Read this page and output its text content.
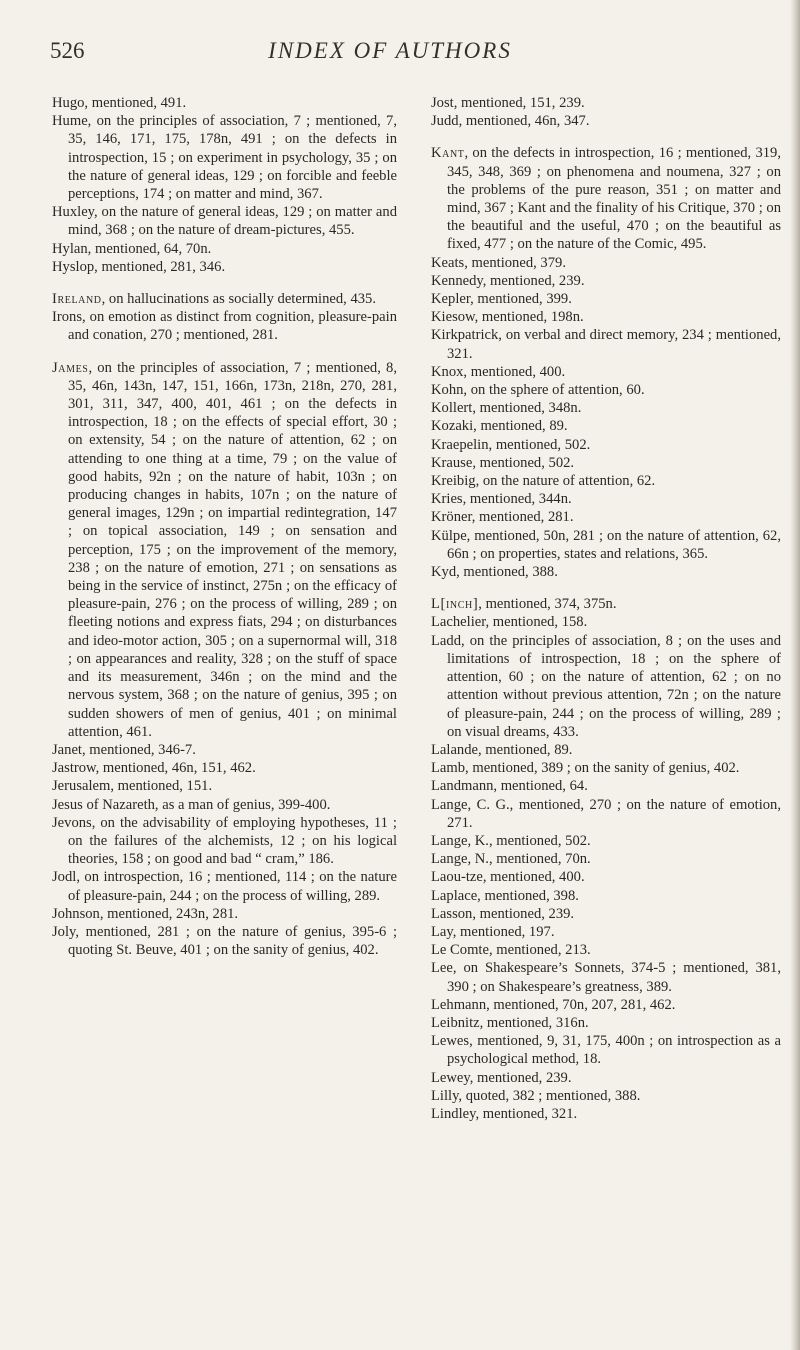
526	INDEX OF AUTHORS

Hugo, mentioned, 491.

Hume, on the principles of association, 7 ; mentioned, 7, 35, 146, 171, 175, 178n, 491 ; on the defects in introspection, 15 ; on experiment in psychology, 35 ; on the nature of general ideas, 129 ; on forcible and feeble perceptions, 174 ; on matter and mind, 367.

Huxley, on the nature of general ideas, 129 ; on matter and mind, 368 ; on the nature of dream-pictures, 455.

Hylan, mentioned, 64, 70n.

Hyslop, mentioned, 281, 346.

Ireland, on hallucinations as socially determined, 435.

Irons, on emotion as distinct from cognition, pleasure-pain and conation, 270 ; mentioned, 281.

James, on the principles of association, 7 ; mentioned, 8, 35, 46n, 143n, 147, 151, 166n, 173n, 218n, 270, 281, 301, 311, 347, 400, 401, 461 ; on the defects in introspection, 18 ; on the effects of special effort, 30 ; on extensity, 54 ; on the nature of attention, 62 ; on attending to one thing at a time, 79 ; on the value of good habits, 92n ; on the nature of habit, 103n ; on producing changes in habits, 107n ; on the nature of general images, 129n ; on impartial redintegration, 147 ; on topical association, 149 ; on sensation and perception, 175 ; on the improvement of the memory, 238 ; on the nature of emotion, 271 ; on sensations as being in the service of instinct, 275n ; on the efficacy of pleasure-pain, 276 ; on the process of willing, 289 ; on fleeting notions and express fiats, 294 ; on disturbances and ideo-motor action, 305 ; on a supernormal will, 318 ; on appearances and reality, 328 ; on the stuff of space and its measurement, 346n ; on the mind and the nervous system, 368 ; on the nature of genius, 395 ; on sudden showers of men of genius, 401 ; on minimal attention, 461.

Janet, mentioned, 346-7.

Jastrow, mentioned, 46n, 151, 462.

Jerusalem, mentioned, 151.

Jesus of Nazareth, as a man of genius, 399-400.

Jevons, on the advisability of employing hypotheses, 11 ; on the failures of the alchemists, 12 ; on his logical theories, 158 ; on good and bad “ cram,” 186.

Jodl, on introspection, 16 ; mentioned, 114 ; on the nature of pleasure-pain, 244 ; on the process of willing, 289.

Johnson, mentioned, 243n, 281.

Joly, mentioned, 281 ; on the nature of genius, 395-6 ; quoting St. Beuve, 401 ; on the sanity of genius, 402.

Jost, mentioned, 151, 239.

Judd, mentioned, 46n, 347.

Kant, on the defects in introspection, 16 ; mentioned, 319, 345, 348, 369 ; on phenomena and noumena, 327 ; on the problems of the pure reason, 351 ; on matter and mind, 367 ; Kant and the finality of his Critique, 370 ; on the beautiful and the useful, 470 ; on the beautiful as fixed, 477 ; on the nature of the Comic, 495.

Keats, mentioned, 379.

Kennedy, mentioned, 239.

Kepler, mentioned, 399.

Kiesow, mentioned, 198n.

Kirkpatrick, on verbal and direct memory, 234 ; mentioned, 321.

Knox, mentioned, 400.

Kohn, on the sphere of attention, 60.

Kollert, mentioned, 348n.

Kozaki, mentioned, 89.

Kraepelin, mentioned, 502.

Krause, mentioned, 502.

Kreibig, on the nature of attention, 62.

Kries, mentioned, 344n.

Kröner, mentioned, 281.

Külpe, mentioned, 50n, 281 ; on the nature of attention, 62, 66n ; on properties, states and relations, 365.

Kyd, mentioned, 388.

L[inch], mentioned, 374, 375n.

Lachelier, mentioned, 158.

Ladd, on the principles of association, 8 ; on the uses and limitations of introspection, 18 ; on the sphere of attention, 60 ; on the nature of attention, 62 ; on no attention without previous attention, 72n ; on the nature of pleasure-pain, 244 ; on the process of willing, 289 ; on visual dreams, 433.

Lalande, mentioned, 89.

Lamb, mentioned, 389 ; on the sanity of genius, 402.

Landmann, mentioned, 64.

Lange, C. G., mentioned, 270 ; on the nature of emotion, 271.

Lange, K., mentioned, 502.

Lange, N., mentioned, 70n.

Laou-tze, mentioned, 400.

Laplace, mentioned, 398.

Lasson, mentioned, 239.

Lay, mentioned, 197.

Le Comte, mentioned, 213.

Lee, on Shakespeare’s Sonnets, 374-5 ; mentioned, 381, 390 ; on Shakespeare’s greatness, 389.

Lehmann, mentioned, 70n, 207, 281, 462.

Leibnitz, mentioned, 316n.

Lewes, mentioned, 9, 31, 175, 400n ; on introspection as a psychological method, 18.

Lewey, mentioned, 239.

Lilly, quoted, 382 ; mentioned, 388.

Lindley, mentioned, 321.
